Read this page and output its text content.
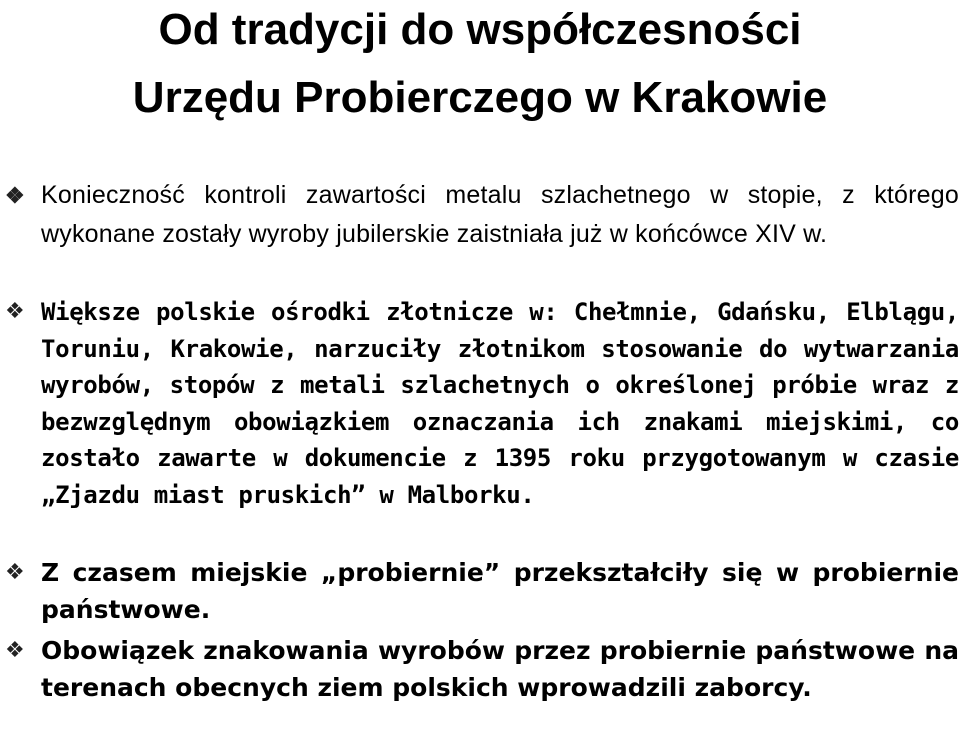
Od tradycji do współczesności
Urzędu Probierczego w Krakowie
❖ Konieczność kontroli zawartości metalu szlachetnego w stopie, z którego wykonane zostały wyroby jubilerskie zaistniała już w końcówce XIV w.
❖ Większe polskie ośrodki złotnicze w: Chełmnie, Gdańsku, Elblągu, Toruniu, Krakowie, narzuciły złotnikom stosowanie do wytwarzania wyrobów, stopów z metali szlachetnych o określonej próbie wraz z bezwzględnym obowiązkiem oznaczania ich znakami miejskimi, co zostało zawarte w dokumencie z 1395 roku przygotowanym w czasie „Zjazdu miast pruskich” w Malborku.
❖ Z czasem miejskie „probiernie” przekształciły się w probiernie państwowe.
❖ Obowiązek znakowania wyrobów przez probiernie państwowe na terenach obecnych ziem polskich wprowadzili zaborcy.
